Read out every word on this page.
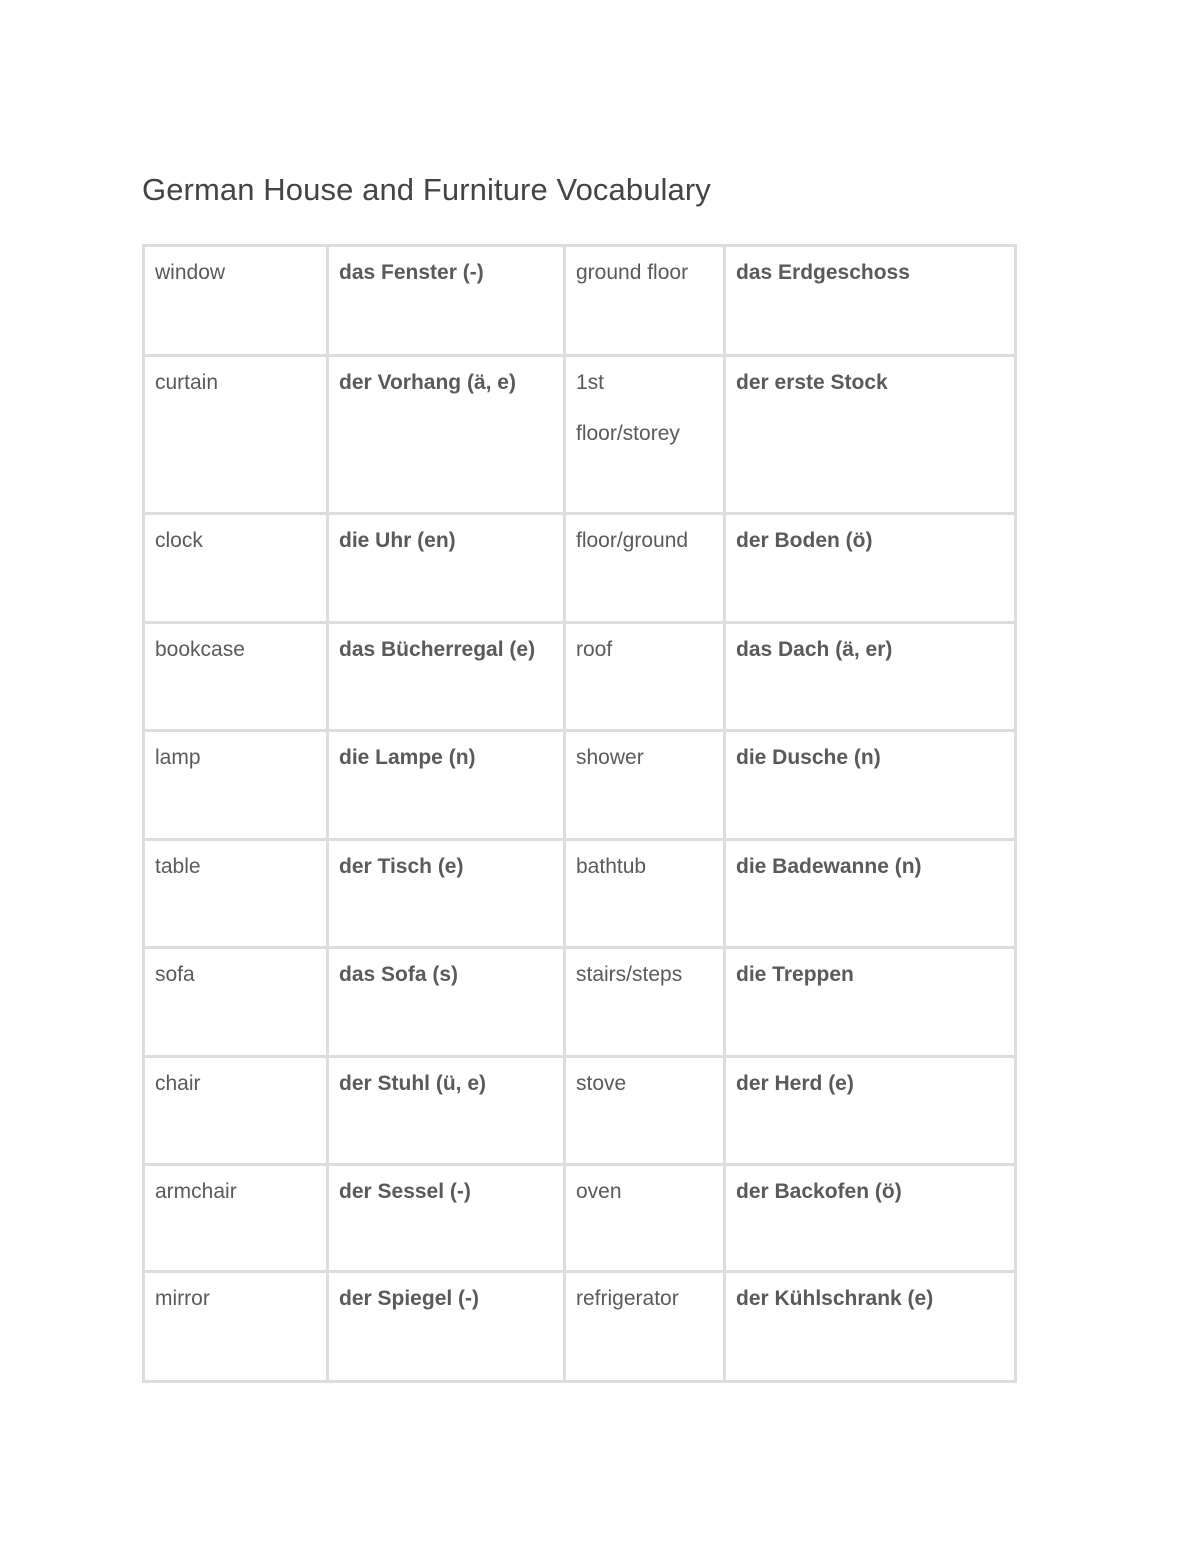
German House and Furniture Vocabulary
window	das Fenster (-)	ground floor	das Erdgeschoss

curtain	der Vorhang (ä, e)	1st floor/storey	der erste Stock

clock	die Uhr (en)	floor/ground	der Boden (ö)

bookcase	das Bücherregal (e)	roof	das Dach (ä, er)

lamp	die Lampe (n)	shower	die Dusche (n)

table	der Tisch (e)	bathtub	die Badewanne (n)

sofa	das Sofa (s)	stairs/steps	die Treppen

chair	der Stuhl (ü, e)	stove	der Herd (e)

armchair	der Sessel (-)	oven	der Backofen (ö)

mirror	der Spiegel (-)	refrigerator	der Kühlschrank (e)
